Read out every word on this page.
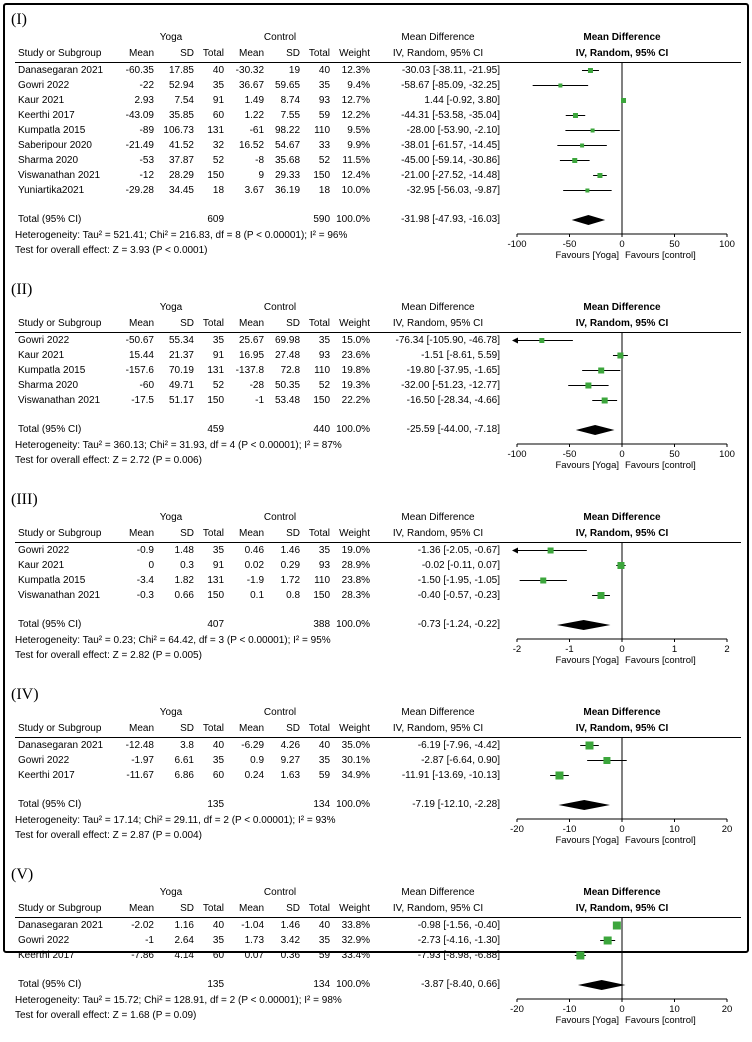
(I)
	Yoga			Control				Mean Difference
Study or Subgroup	Mean	SD	Total	Mean	SD	Total	Weight	IV, Random, 95% CI
Danasegaran 2021	-60.35	17.85	40	-30.32	19	40	12.3%	-30.03 [-38.11, -21.95]
Gowri 2022	-22	52.94	35	36.67	59.65	35	9.4%	-58.67 [-85.09, -32.25]
Kaur 2021	2.93	7.54	91	1.49	8.74	93	12.7%	1.44 [-0.92, 3.80]
Keerthi 2017	-43.09	35.85	60	1.22	7.55	59	12.2%	-44.31 [-53.58, -35.04]
Kumpatla 2015	-89	106.73	131	-61	98.22	110	9.5%	-28.00 [-53.90, -2.10]
Saberipour 2020	-21.49	41.52	32	16.52	54.67	33	9.9%	-38.01 [-61.57, -14.45]
Sharma 2020	-53	37.87	52	-8	35.68	52	11.5%	-45.00 [-59.14, -30.86]
Viswanathan 2021	-12	28.29	150	9	29.33	150	12.4%	-21.00 [-27.52, -14.48]
Yuniartika2021	-29.28	34.45	18	3.67	36.19	18	10.0%	-32.95 [-56.03, -9.87]

Total (95% CI)			609			590	100.0%	-31.98 [-47.93, -16.03]
Heterogeneity: Tau² = 521.41; Chi² = 216.83, df = 8 (P < 0.00001); I² = 96%
Test for overall effect: Z = 3.93 (P < 0.0001)
Mean Difference
IV, Random, 95% CI
-100	-50	0	50	100
Favours [Yoga] Favours [control]
(II)
	Yoga			Control				Mean Difference
Study or Subgroup	Mean	SD	Total	Mean	SD	Total	Weight	IV, Random, 95% CI
Gowri 2022	-50.67	55.34	35	25.67	69.98	35	15.0%	-76.34 [-105.90, -46.78]
Kaur 2021	15.44	21.37	91	16.95	27.48	93	23.6%	-1.51 [-8.61, 5.59]
Kumpatla 2015	-157.6	70.19	131	-137.8	72.8	110	19.8%	-19.80 [-37.95, -1.65]
Sharma 2020	-60	49.71	52	-28	50.35	52	19.3%	-32.00 [-51.23, -12.77]
Viswanathan 2021	-17.5	51.17	150	-1	53.48	150	22.2%	-16.50 [-28.34, -4.66]

Total (95% CI)			459			440	100.0%	-25.59 [-44.00, -7.18]
Heterogeneity: Tau² = 360.13; Chi² = 31.93, df = 4 (P < 0.00001); I² = 87%
Test for overall effect: Z = 2.72 (P = 0.006)
Mean Difference
IV, Random, 95% CI
-100	-50	0	50	100
Favours [Yoga] Favours [control]
(III)
	Yoga			Control				Mean Difference
Study or Subgroup	Mean	SD	Total	Mean	SD	Total	Weight	IV, Random, 95% CI
Gowri 2022	-0.9	1.48	35	0.46	1.46	35	19.0%	-1.36 [-2.05, -0.67]
Kaur 2021	0	0.3	91	0.02	0.29	93	28.9%	-0.02 [-0.11, 0.07]
Kumpatla 2015	-3.4	1.82	131	-1.9	1.72	110	23.8%	-1.50 [-1.95, -1.05]
Viswanathan 2021	-0.3	0.66	150	0.1	0.8	150	28.3%	-0.40 [-0.57, -0.23]

Total (95% CI)			407			388	100.0%	-0.73 [-1.24, -0.22]
Heterogeneity: Tau² = 0.23; Chi² = 64.42, df = 3 (P < 0.00001); I² = 95%
Test for overall effect: Z = 2.82 (P = 0.005)
Mean Difference
IV, Random, 95% CI
-2	-1	0	1	2
Favours [Yoga] Favours [control]
(IV)
	Yoga			Control				Mean Difference
Study or Subgroup	Mean	SD	Total	Mean	SD	Total	Weight	IV, Random, 95% CI
Danasegaran 2021	-12.48	3.8	40	-6.29	4.26	40	35.0%	-6.19 [-7.96, -4.42]
Gowri 2022	-1.97	6.61	35	0.9	9.27	35	30.1%	-2.87 [-6.64, 0.90]
Keerthi 2017	-11.67	6.86	60	0.24	1.63	59	34.9%	-11.91 [-13.69, -10.13]

Total (95% CI)			135			134	100.0%	-7.19 [-12.10, -2.28]
Heterogeneity: Tau² = 17.14; Chi² = 29.11, df = 2 (P < 0.00001); I² = 93%
Test for overall effect: Z = 2.87 (P = 0.004)
Mean Difference
IV, Random, 95% CI
-20	-10	0	10	20
Favours [Yoga] Favours [control]
(V)
	Yoga			Control				Mean Difference
Study or Subgroup	Mean	SD	Total	Mean	SD	Total	Weight	IV, Random, 95% CI
Danasegaran 2021	-2.02	1.16	40	-1.04	1.46	40	33.8%	-0.98 [-1.56, -0.40]
Gowri 2022	-1	2.64	35	1.73	3.42	35	32.9%	-2.73 [-4.16, -1.30]
Keerthi 2017	-7.86	4.14	60	0.07	0.36	59	33.4%	-7.93 [-8.98, -6.88]

Total (95% CI)			135			134	100.0%	-3.87 [-8.40, 0.66]
Heterogeneity: Tau² = 15.72; Chi² = 128.91, df = 2 (P < 0.00001); I² = 98%
Test for overall effect: Z = 1.68 (P = 0.09)
Mean Difference
IV, Random, 95% CI
-20	-10	0	10	20
Favours [Yoga] Favours [control]
